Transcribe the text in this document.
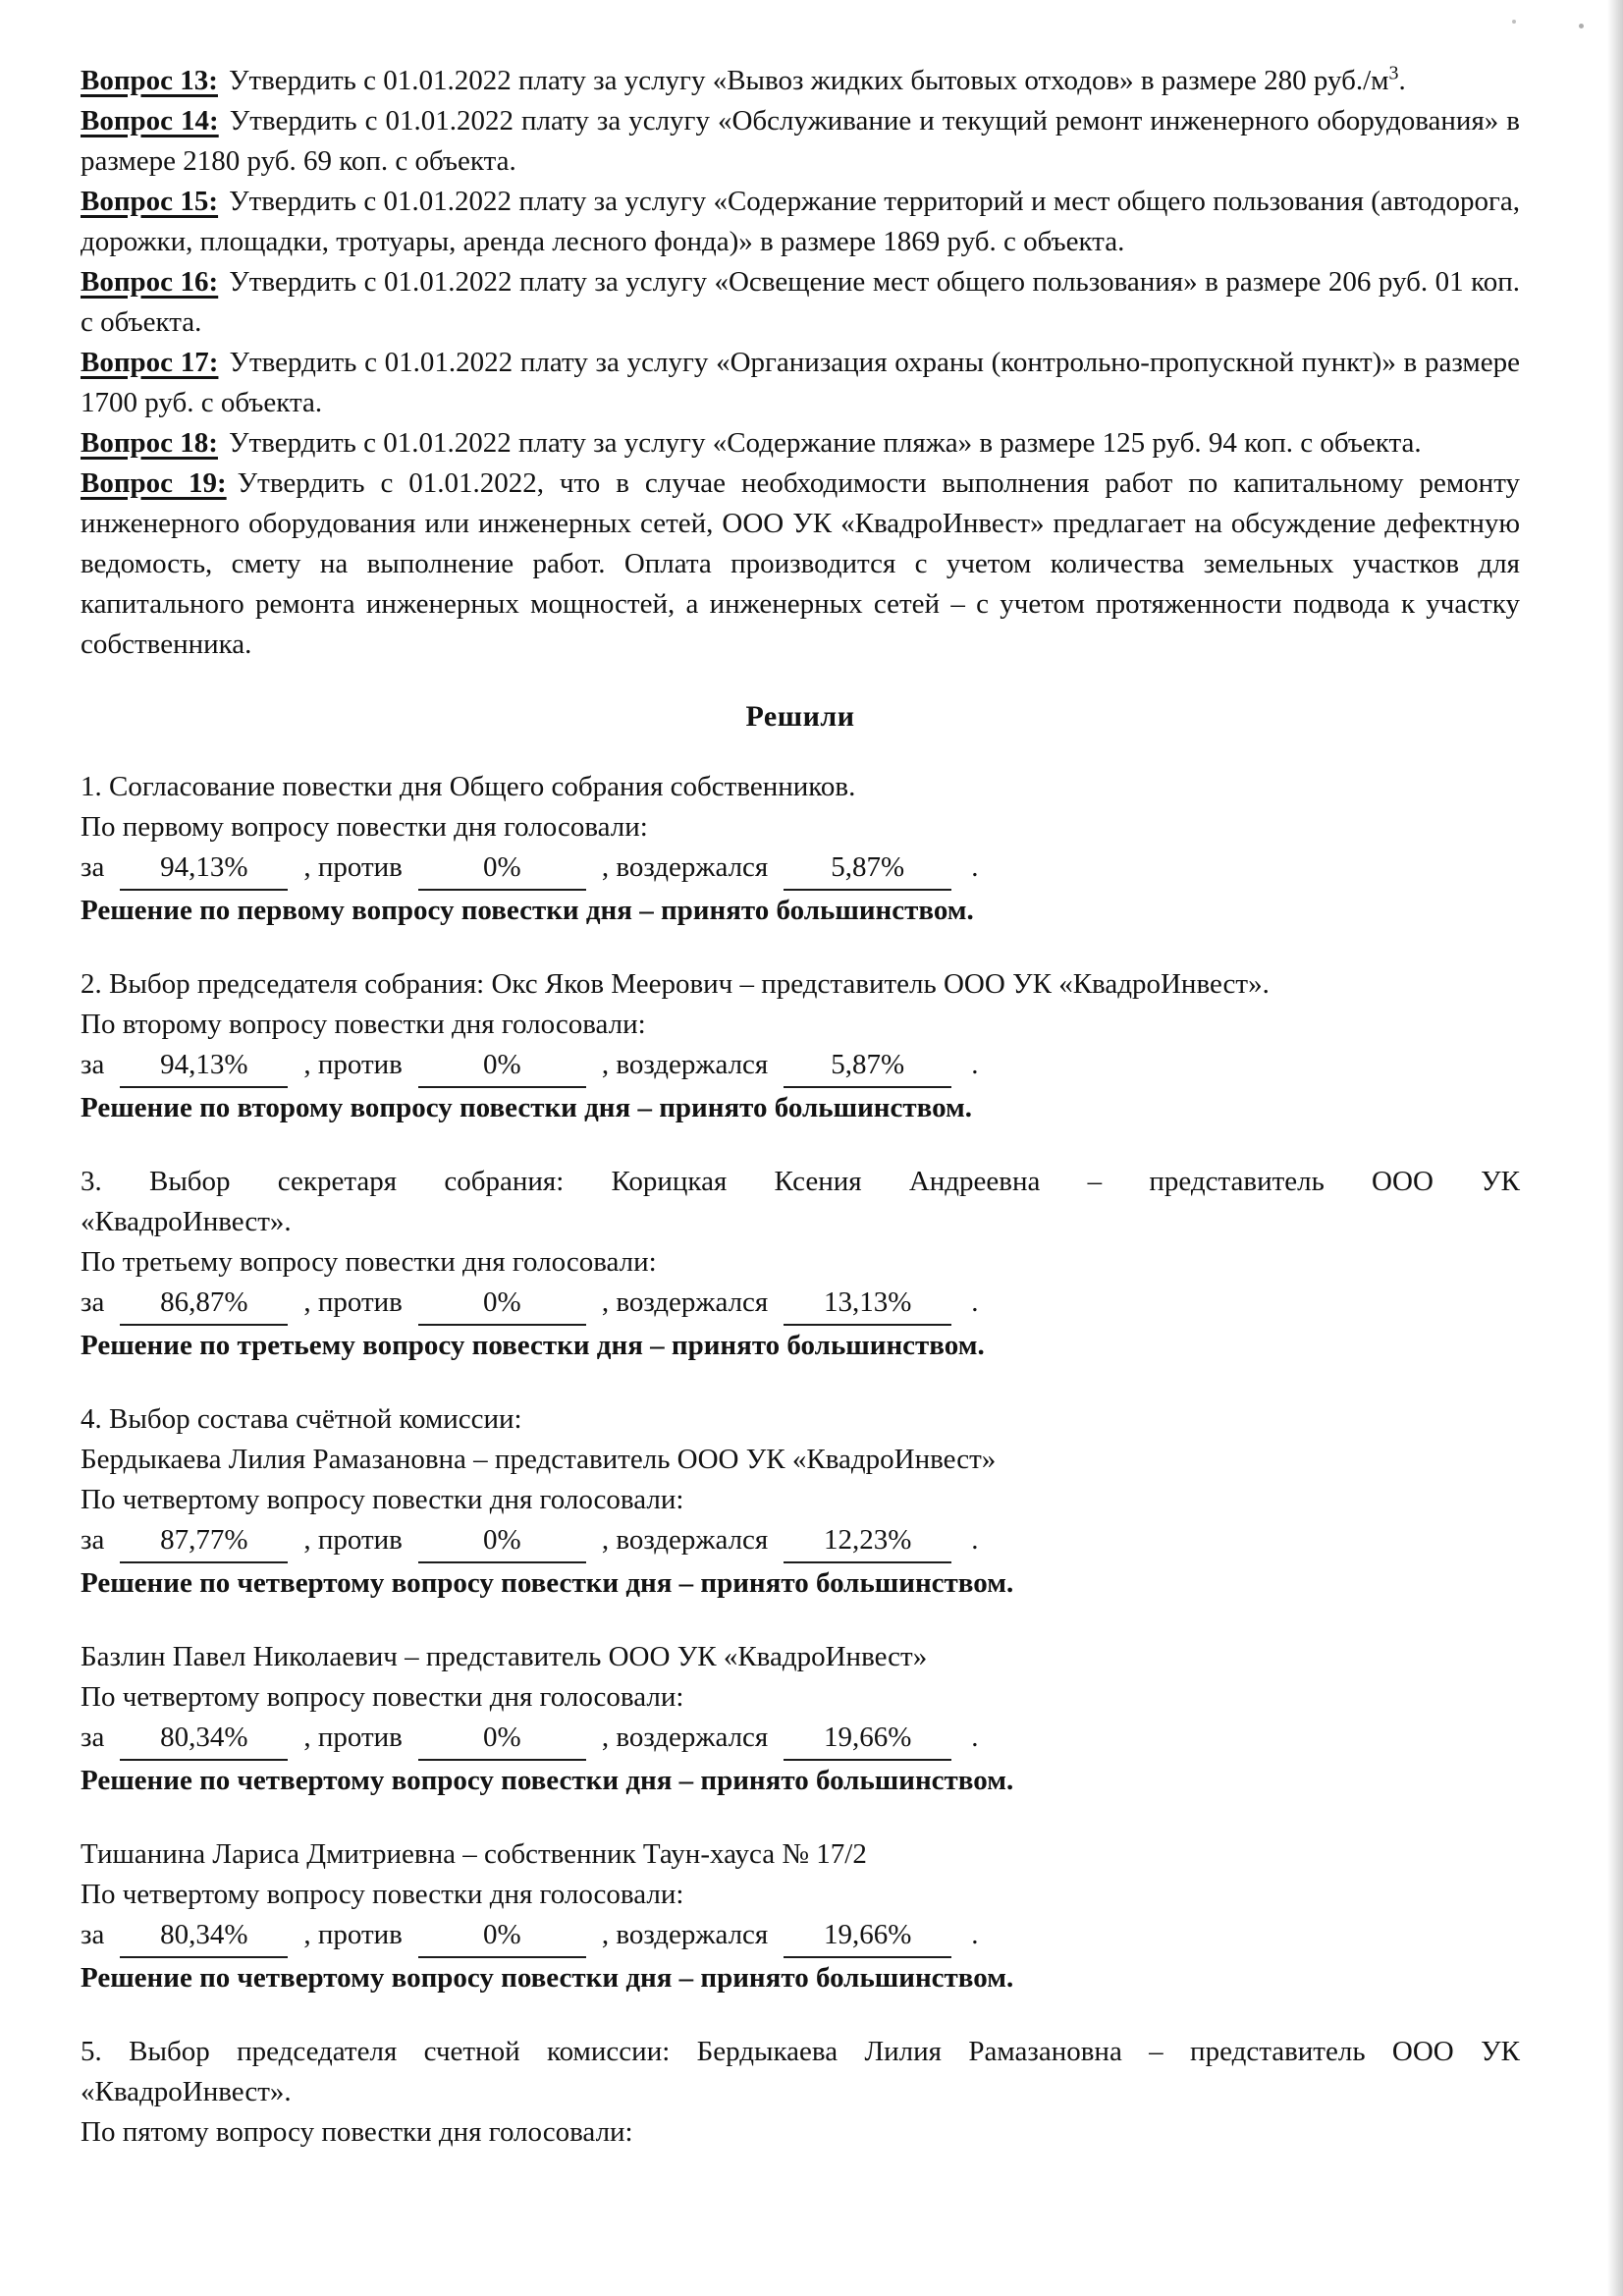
Вопрос 13: Утвердить с 01.01.2022 плату за услугу «Вывоз жидких бытовых отходов» в размере 280 $руб./м^3$.

Вопрос 14: Утвердить с 01.01.2022 плату за услугу «Обслуживание и текущий ремонт инженерного оборудования» в размере 2180 руб. 69 коп. с объекта.

Вопрос 15: Утвердить с 01.01.2022 плату за услугу «Содержание территорий и мест общего пользования (автодорога, дорожки, площадки, тротуары, аренда лесного фонда)» в размере 1869 руб. с объекта.

Вопрос 16: Утвердить с 01.01.2022 плату за услугу «Освещение мест общего пользования» в размере 206 руб. 01 коп. с объекта.

Вопрос 17: Утвердить с 01.01.2022 плату за услугу «Организация охраны (контрольно-пропускной пункт)» в размере 1700 руб. с объекта.

Вопрос 18: Утвердить с 01.01.2022 плату за услугу «Содержание пляжа» в размере 125 руб. 94 коп. с объекта.

Вопрос 19: Утвердить с 01.01.2022, что в случае необходимости выполнения работ по капитальному ремонту инженерного оборудования или инженерных сетей, ООО УК «КвадроИнвест» предлагает на обсуждение дефектную ведомость, смету на выполнение работ. Оплата производится с учетом количества земельных участков для капитального ремонта инженерных мощностей, а инженерных сетей – с учетом протяженности подвода к участку собственника.

Решили

1. Согласование повестки дня Общего собрания собственников.

По первому вопросу повестки дня голосовали:

за 94,13% , против	0%	, воздержался 5,87% .

Решение по первому вопросу повестки дня – принято большинством.

2. Выбор председателя собрания: Окс Яков Меерович – представитель ООО УК «КвадроИнвест».

По второму вопросу повестки дня голосовали:

за 94,13% , против	0%	, воздержался 5,87% .

Решение по второму вопросу повестки дня – принято большинством.

3. Выбор секретаря собрания: Корицкая Ксения Андреевна – представитель ООО УК

«КвадроИнвест».

По третьему вопросу повестки дня голосовали:

за 86,87% , против	0%	, воздержался 13,13% .

Решение по третьему вопросу повестки дня – принято большинством.

4. Выбор состава счётной комиссии:

Бердыкаева Лилия Рамазановна – представитель ООО УК «КвадроИнвест»

По четвертому вопросу повестки дня голосовали:

за 87,77% , против	0%	, воздержался 12,23% .

Решение по четвертому вопросу повестки дня – принято большинством.

Базлин Павел Николаевич – представитель ООО УК «КвадроИнвест»

По четвертому вопросу повестки дня голосовали:

за 80,34% , против	0%	, воздержался 19,66% .

Решение по четвертому вопросу повестки дня – принято большинством.

Тишанина Лариса Дмитриевна – собственник Таун-хауса № 17/2

По четвертому вопросу повестки дня голосовали:

за 80,34% , против	0%	, воздержался 19,66% .

Решение по четвертому вопросу повестки дня – принято большинством.

5. Выбор председателя счетной комиссии: Бердыкаева Лилия Рамазановна – представитель ООО УК

«КвадроИнвест».

По пятому вопросу повестки дня голосовали:
